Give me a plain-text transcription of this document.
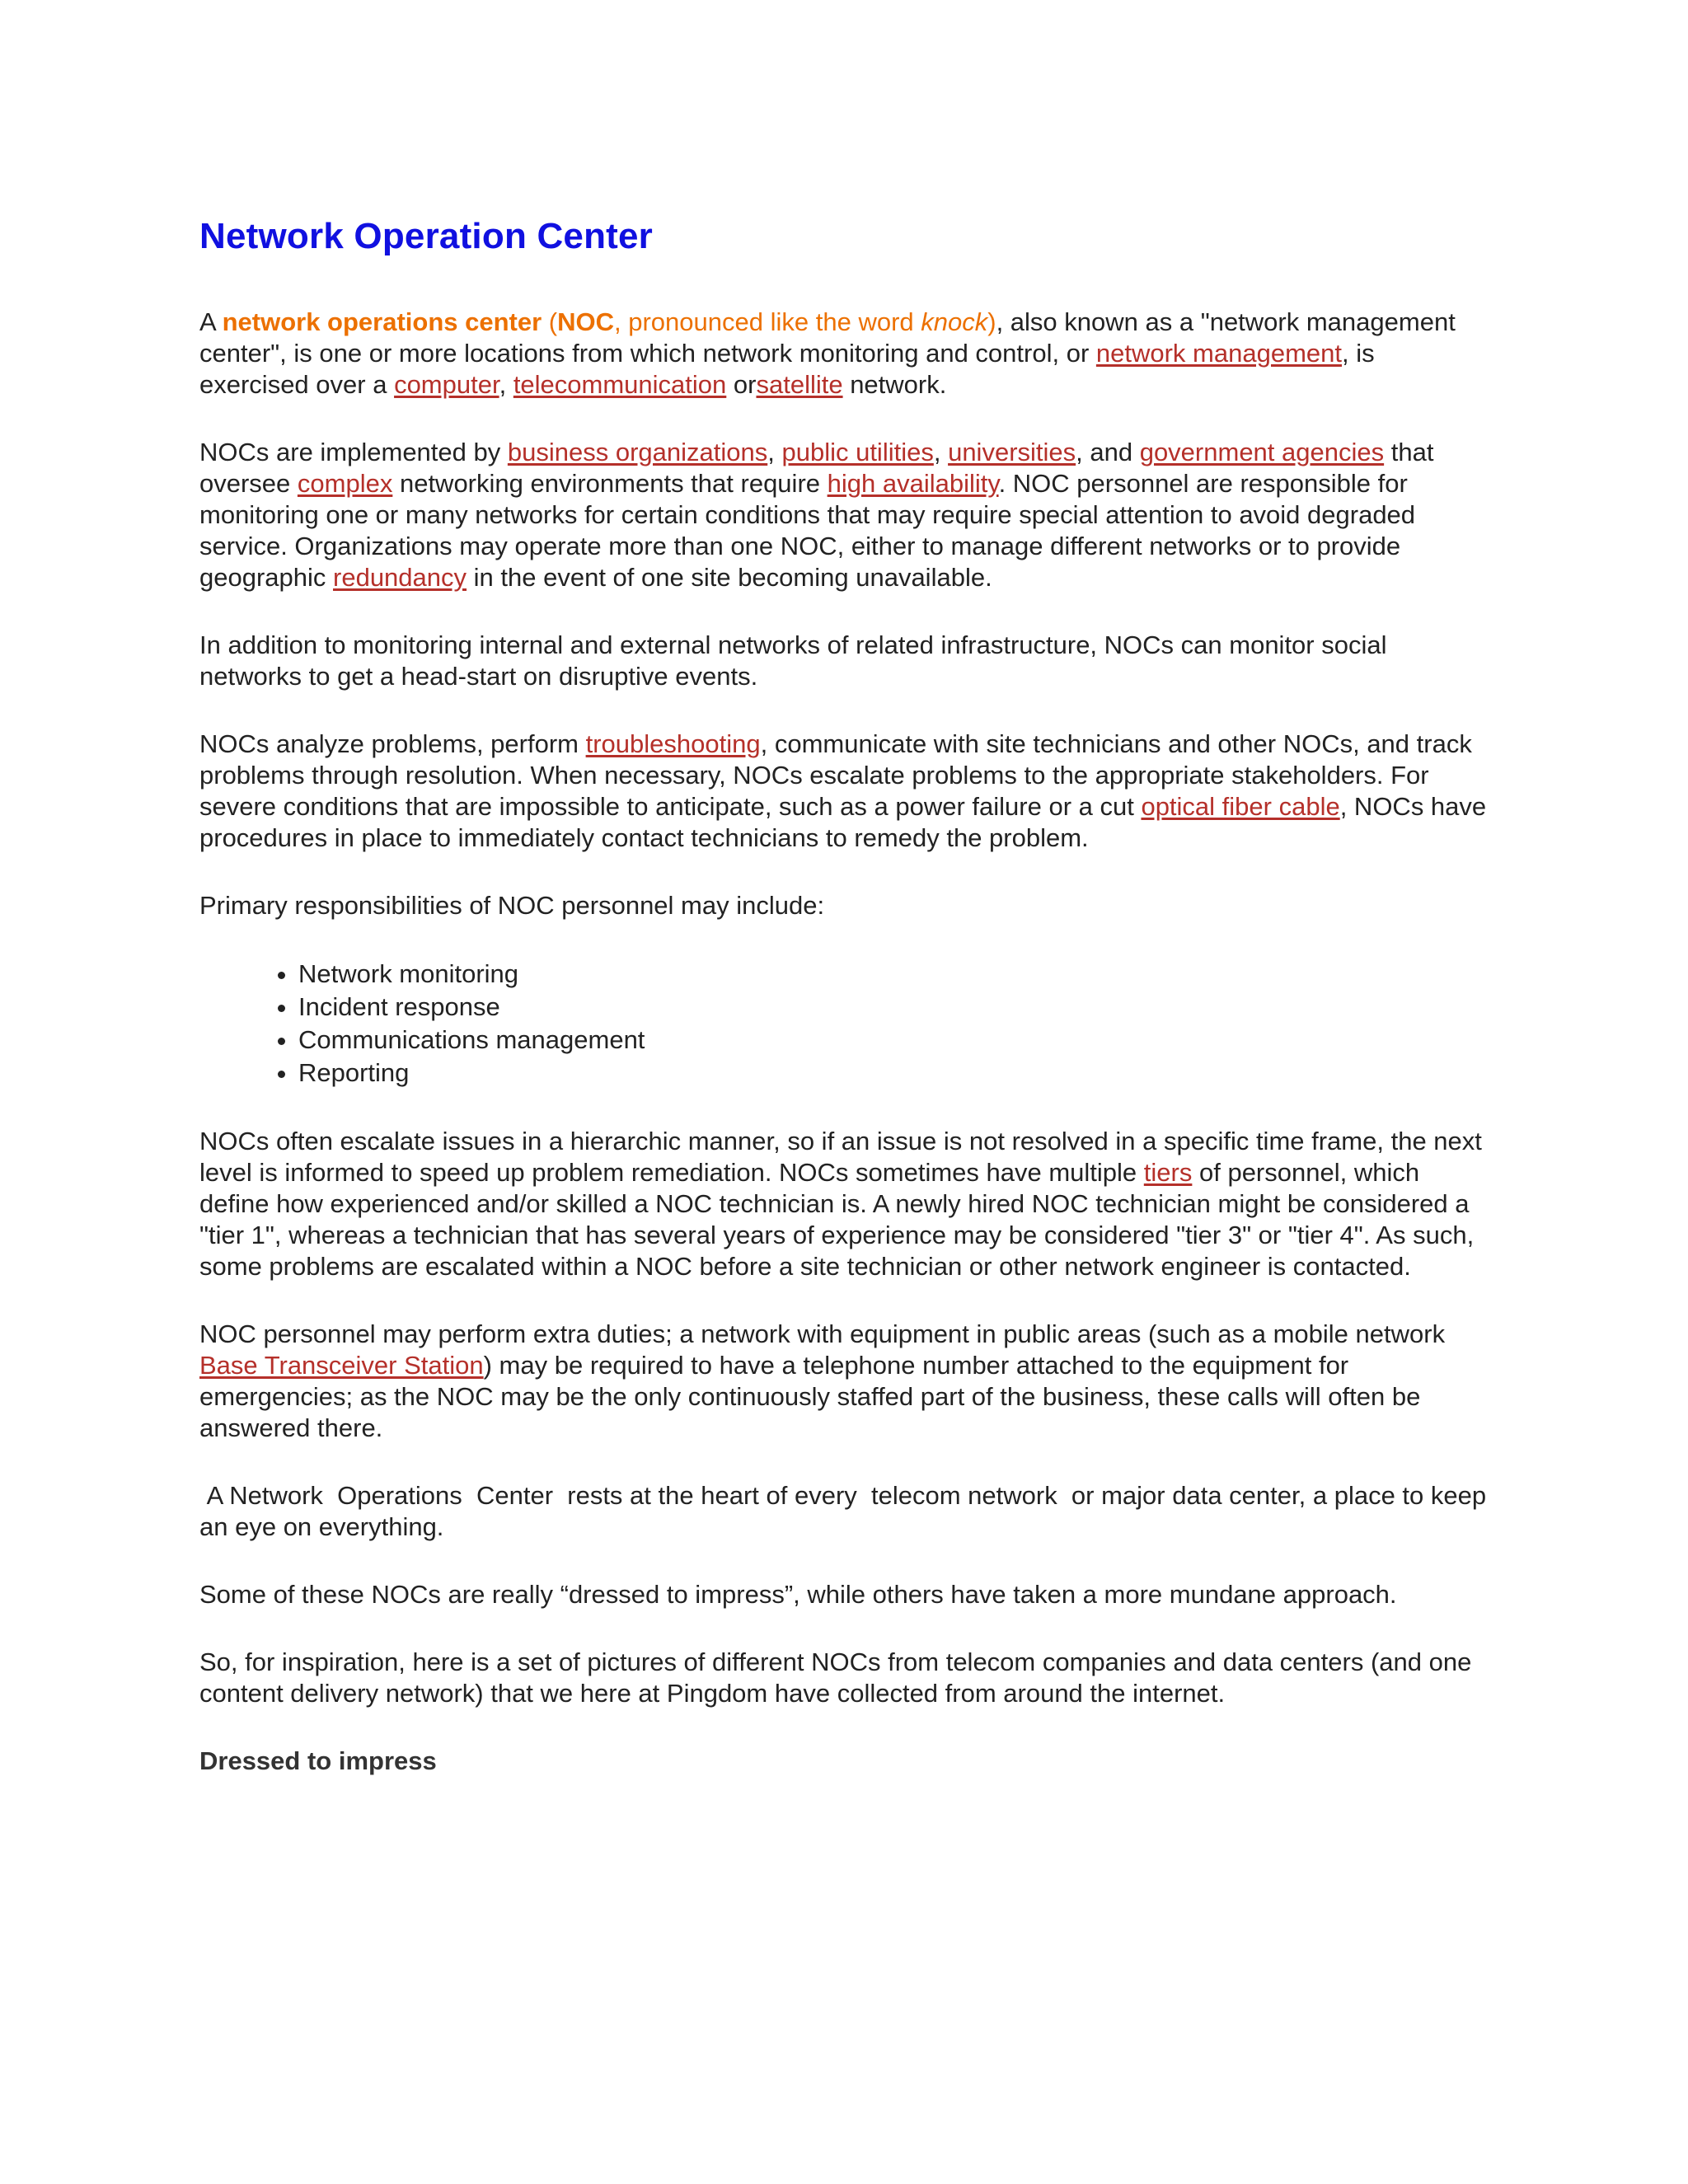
Network Operation Center

A network operations center (NOC, pronounced like the word knock), also known as a "network management center", is one or more locations from which network monitoring and control, or network management, is exercised over a computer, telecommunication orsatellite network.

NOCs are implemented by business organizations, public utilities, universities, and government agencies that oversee complex networking environments that require high availability. NOC personnel are responsible for monitoring one or many networks for certain conditions that may require special attention to avoid degraded service. Organizations may operate more than one NOC, either to manage different networks or to provide geographic redundancy in the event of one site becoming unavailable.

In addition to monitoring internal and external networks of related infrastructure, NOCs can monitor social networks to get a head-start on disruptive events.

NOCs analyze problems, perform troubleshooting, communicate with site technicians and other NOCs, and track problems through resolution. When necessary, NOCs escalate problems to the appropriate stakeholders. For severe conditions that are impossible to anticipate, such as a power failure or a cut optical fiber cable, NOCs have procedures in place to immediately contact technicians to remedy the problem.

Primary responsibilities of NOC personnel may include:

• Network monitoring
• Incident response
• Communications management
• Reporting

NOCs often escalate issues in a hierarchic manner, so if an issue is not resolved in a specific time frame, the next level is informed to speed up problem remediation. NOCs sometimes have multiple tiers of personnel, which define how experienced and/or skilled a NOC technician is. A newly hired NOC technician might be considered a "tier 1", whereas a technician that has several years of experience may be considered "tier 3" or "tier 4". As such, some problems are escalated within a NOC before a site technician or other network engineer is contacted.

NOC personnel may perform extra duties; a network with equipment in public areas (such as a mobile network Base Transceiver Station) may be required to have a telephone number attached to the equipment for emergencies; as the NOC may be the only continuously staffed part of the business, these calls will often be answered there.

A Network  Operations  Center  rests at the heart of every  telecom network  or major data center, a place to keep an eye on everything.

Some of these NOCs are really “dressed to impress”, while others have taken a more mundane approach.

So, for inspiration, here is a set of pictures of different NOCs from telecom companies and data centers (and one content delivery network) that we here at Pingdom have collected from around the internet.

Dressed to impress
